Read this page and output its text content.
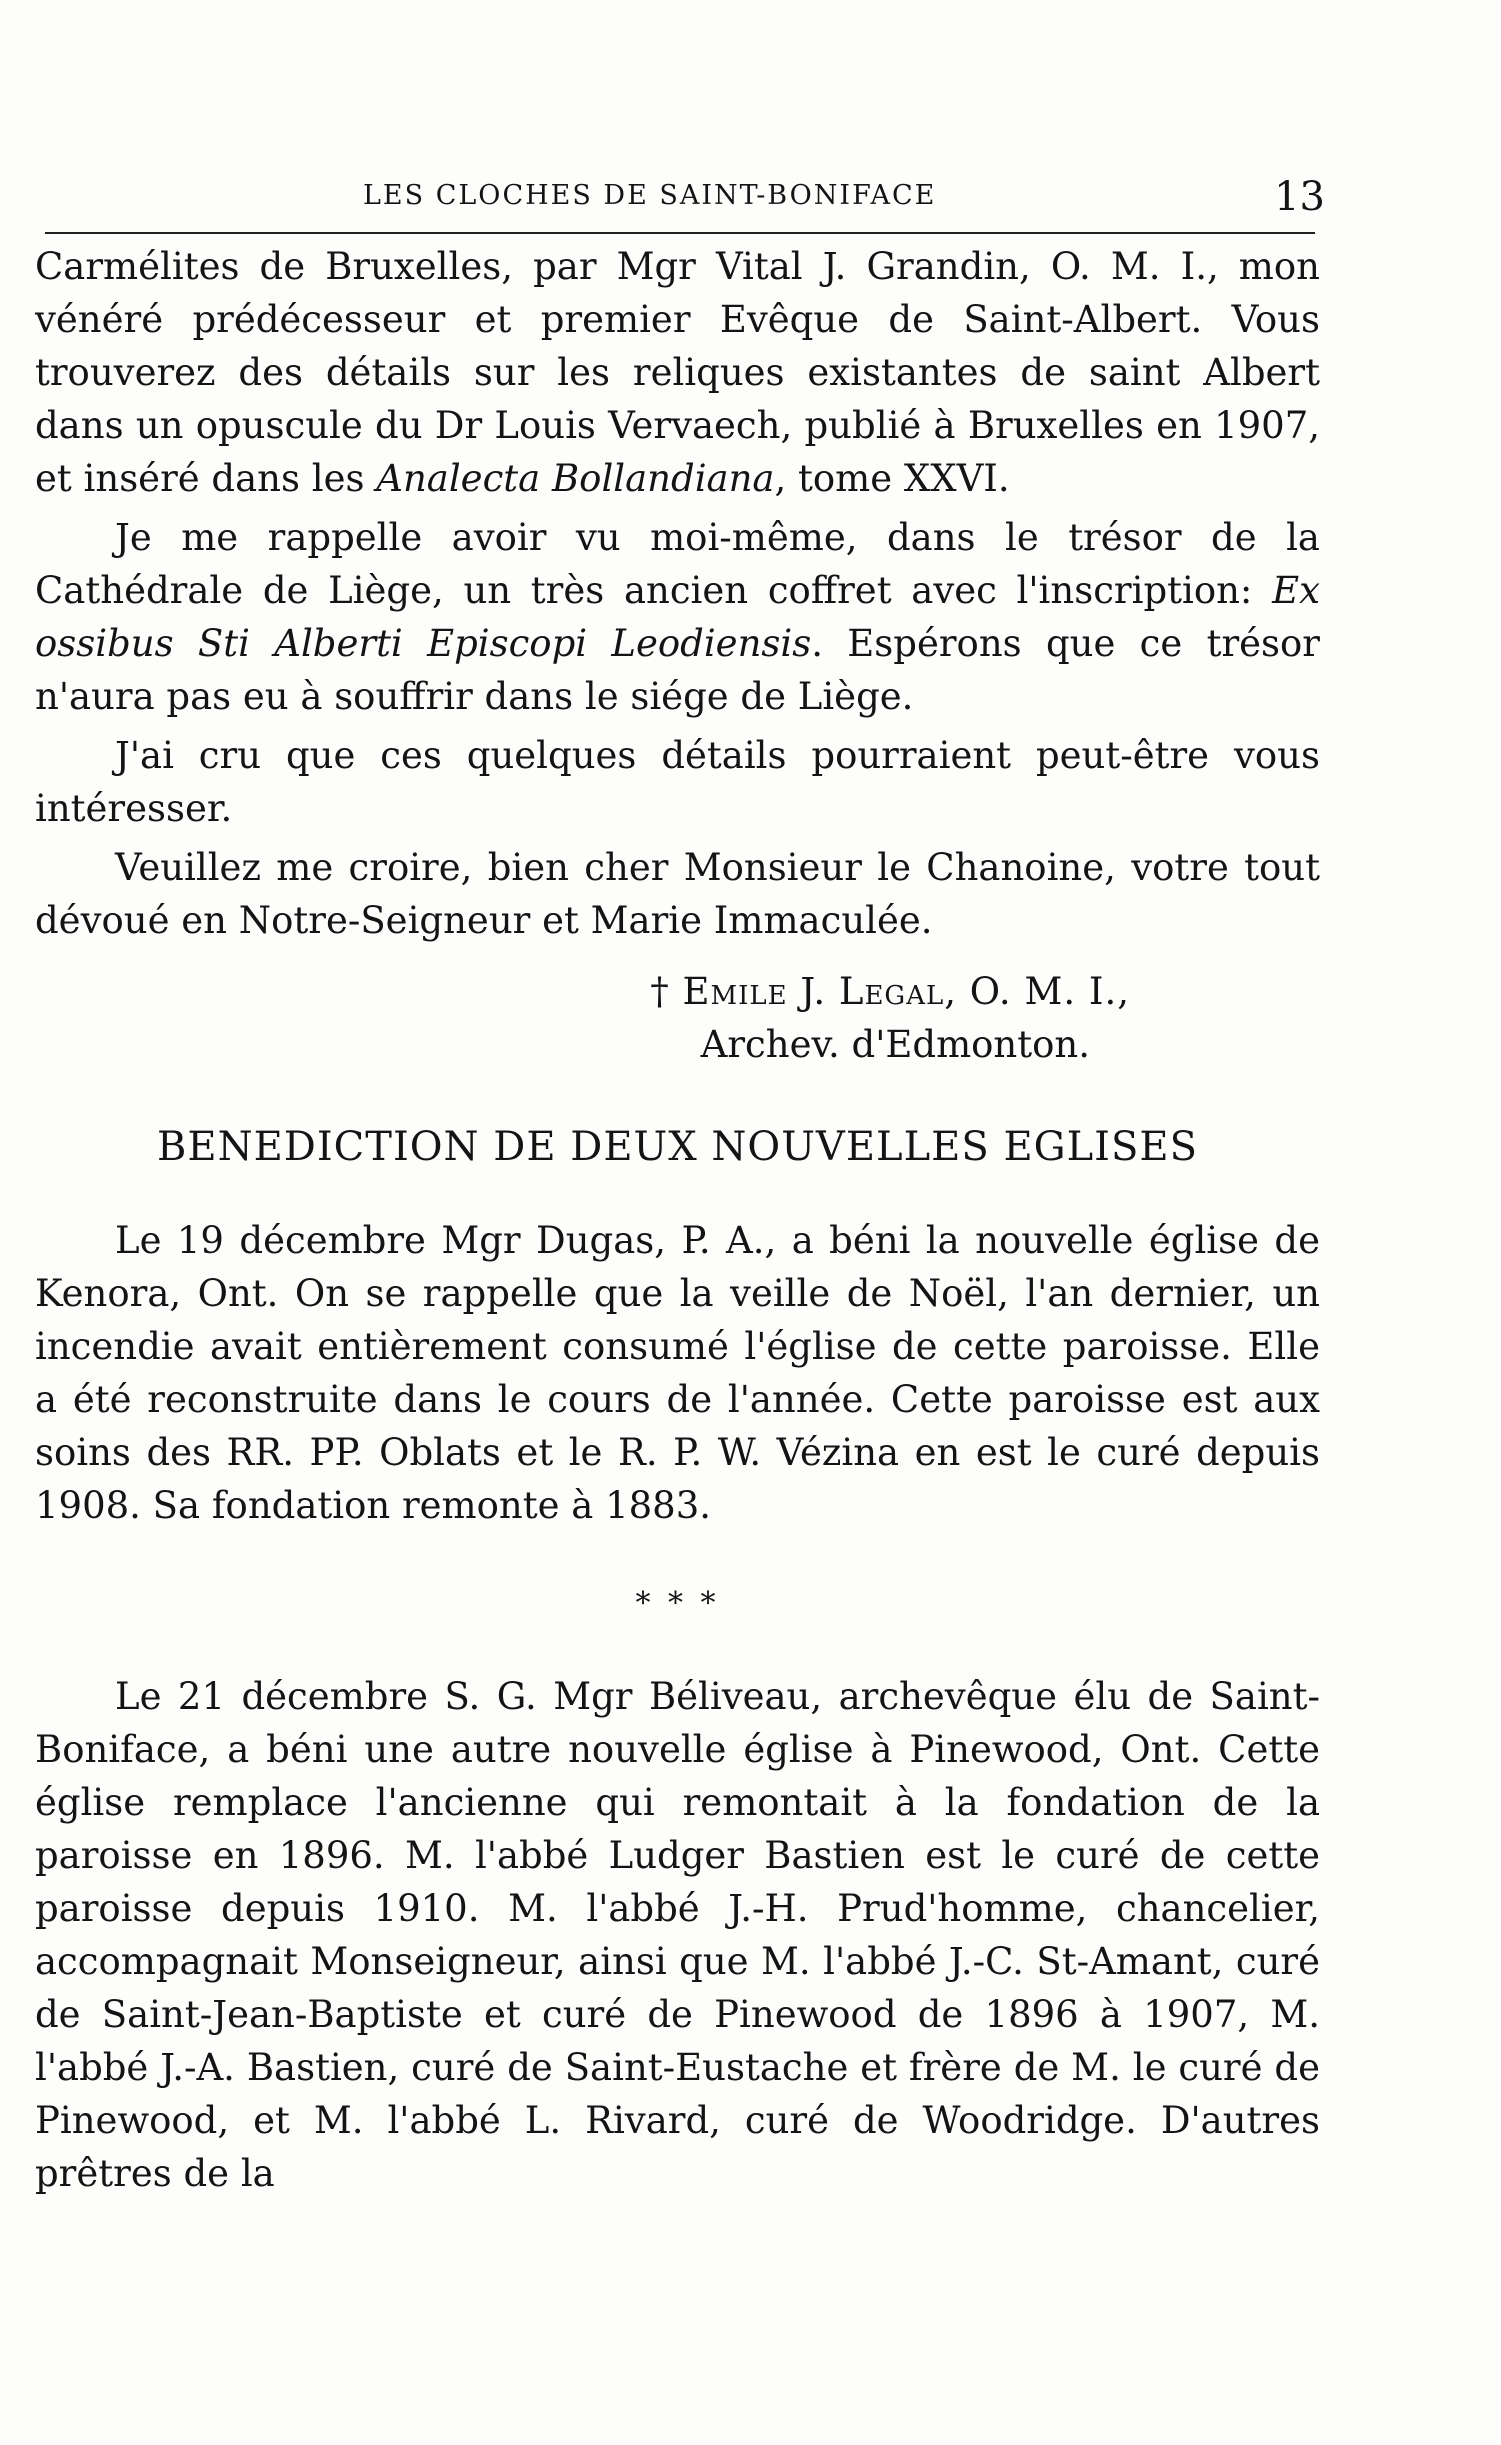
LES CLOCHES DE SAINT-BONIFACE	13

Carmélites de Bruxelles, par Mgr Vital J. Grandin, O. M. I., mon vénéré prédécesseur et premier Evêque de Saint-Albert. Vous trouverez des détails sur les reliques existantes de saint Albert dans un opuscule du Dr Louis Vervaech, publié à Bruxelles en 1907, et inséré dans les Analecta Bollandiana, tome XXVI.

Je me rappelle avoir vu moi-même, dans le trésor de la Cathédrale de Liège, un très ancien coffret avec l'inscription: Ex ossibus Sti Alberti Episcopi Leodiensis. Espérons que ce trésor n'aura pas eu à souffrir dans le siége de Liège.

J'ai cru que ces quelques détails pourraient peut-être vous intéresser.

Veuillez me croire, bien cher Monsieur le Chanoine, votre tout dévoué en Notre-Seigneur et Marie Immaculée.

† Emile J. Legal, O. M. I.,
Archev. d'Edmonton.
BENEDICTION DE DEUX NOUVELLES EGLISES

Le 19 décembre Mgr Dugas, P. A., a béni la nouvelle église de Kenora, Ont. On se rappelle que la veille de Noël, l'an dernier, un incendie avait entièrement consumé l'église de cette paroisse. Elle a été reconstruite dans le cours de l'année. Cette paroisse est aux soins des RR. PP. Oblats et le R. P. W. Vézina en est le curé depuis 1908. Sa fondation remonte à 1883.

* * *

Le 21 décembre S. G. Mgr Béliveau, archevêque élu de Saint-Boniface, a béni une autre nouvelle église à Pinewood, Ont. Cette église remplace l'ancienne qui remontait à la fondation de la paroisse en 1896. M. l'abbé Ludger Bastien est le curé de cette paroisse depuis 1910. M. l'abbé J.-H. Prud'homme, chancelier, accompagnait Monseigneur, ainsi que M. l'abbé J.-C. St-Amant, curé de Saint-Jean-Baptiste et curé de Pinewood de 1896 à 1907, M. l'abbé J.-A. Bastien, curé de Saint-Eustache et frère de M. le curé de Pinewood, et M. l'abbé L. Rivard, curé de Woodridge. D'autres prêtres de la
